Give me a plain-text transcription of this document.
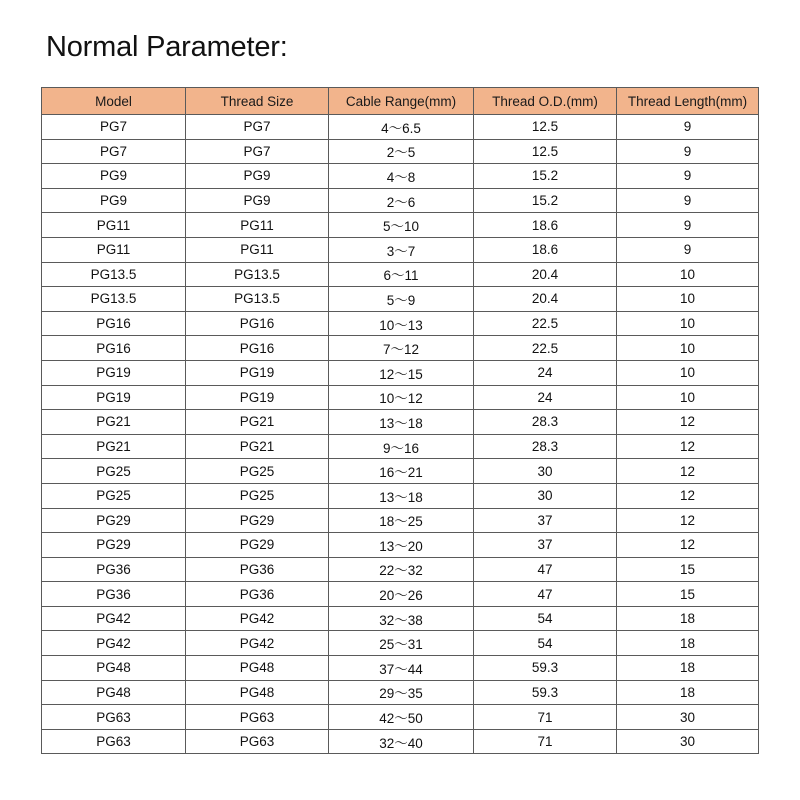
Normal Parameter:
Model	Thread Size	Cable Range(mm)	Thread O.D.(mm)	Thread Length(mm)
PG7	PG7	4～6.5	12.5	9
PG7	PG7	2～5	12.5	9
PG9	PG9	4～8	15.2	9
PG9	PG9	2～6	15.2	9
PG11	PG11	5～10	18.6	9
PG11	PG11	3～7	18.6	9
PG13.5	PG13.5	6～11	20.4	10
PG13.5	PG13.5	5～9	20.4	10
PG16	PG16	10～13	22.5	10
PG16	PG16	7～12	22.5	10
PG19	PG19	12～15	24	10
PG19	PG19	10～12	24	10
PG21	PG21	13～18	28.3	12
PG21	PG21	9～16	28.3	12
PG25	PG25	16～21	30	12
PG25	PG25	13～18	30	12
PG29	PG29	18～25	37	12
PG29	PG29	13～20	37	12
PG36	PG36	22～32	47	15
PG36	PG36	20～26	47	15
PG42	PG42	32～38	54	18
PG42	PG42	25～31	54	18
PG48	PG48	37～44	59.3	18
PG48	PG48	29～35	59.3	18
PG63	PG63	42～50	71	30
PG63	PG63	32～40	71	30
